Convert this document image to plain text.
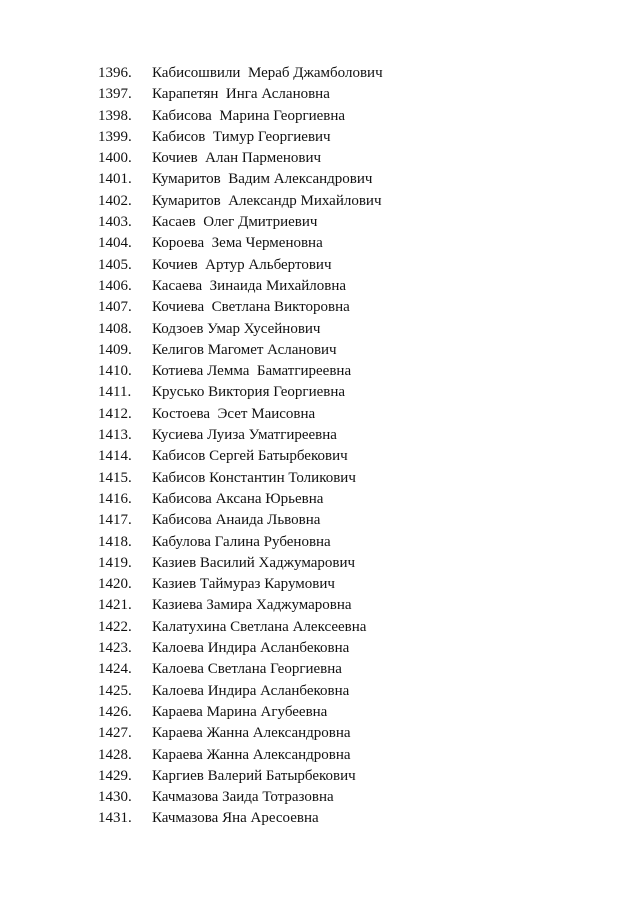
1396.	Кабисошвили  Мераб Джамболович
1397.	Карапетян  Инга Аслановна
1398.	Кабисова  Марина Георгиевна
1399.	Кабисов  Тимур Георгиевич
1400.	Кочиев  Алан Парменович
1401.	Кумаритов  Вадим Александрович
1402.	Кумаритов  Александр Михайлович
1403.	Касаев  Олег Дмитриевич
1404.	Короева  Зема Черменовна
1405.	Кочиев  Артур Альбертович
1406.	Касаева  Зинаида Михайловна
1407.	Кочиева  Светлана Викторовна
1408.	Кодзоев Умар Хусейнович
1409.	Келигов Магомет Асланович
1410.	Котиева Лемма  Баматгиреевна
1411.	Крусько Виктория Георгиевна
1412.	Костоева  Эсет Маисовна
1413.	Кусиева Луиза Уматгиреевна
1414.	Кабисов Сергей Батырбекович
1415.	Кабисов Константин Толикович
1416.	Кабисова Аксана Юрьевна
1417.	Кабисова Анаида Львовна
1418.	Кабулова Галина Рубеновна
1419.	Казиев Василий Хаджумарович
1420.	Казиев Таймураз Карумович
1421.	Казиева Замира Хаджумаровна
1422.	Калатухина Светлана Алексеевна
1423.	Калоева Индира Асланбековна
1424.	Калоева Светлана Георгиевна
1425.	Калоева Индира Асланбековна
1426.	Караева Марина Агубеевна
1427.	Караева Жанна Александровна
1428.	Караева Жанна Александровна
1429.	Каргиев Валерий Батырбекович
1430.	Качмазова Заида Тотразовна
1431.	Качмазова Яна Аресоевна
